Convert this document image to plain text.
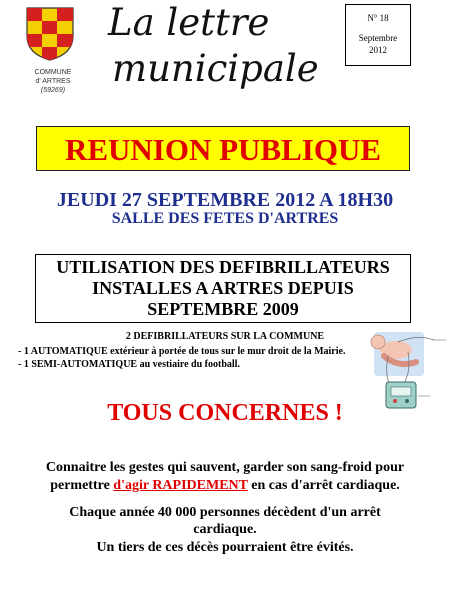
COMMUNE
d' ARTRES
(59269)
La lettre
municipale
N° 18
Septembre
2012
REUNION PUBLIQUE
JEUDI 27 SEPTEMBRE 2012 A 18H30
SALLE DES FETES D'ARTRES
UTILISATION DES DEFIBRILLATEURS
INSTALLES A ARTRES DEPUIS
SEPTEMBRE 2009
2 DEFIBRILLATEURS SUR LA COMMUNE
- 1 AUTOMATIQUE extérieur à portée de tous sur le mur droit de la Mairie.
- 1 SEMI-AUTOMATIQUE au vestiaire du football.
TOUS CONCERNES !
Connaitre les gestes qui sauvent, garder son sang-froid pour
permettre d'agir RAPIDEMENT en cas d'arrêt cardiaque.
Chaque année 40 000 personnes décèdent d'un arrêt
cardiaque.
Un tiers de ces décès pourraient être évités.
